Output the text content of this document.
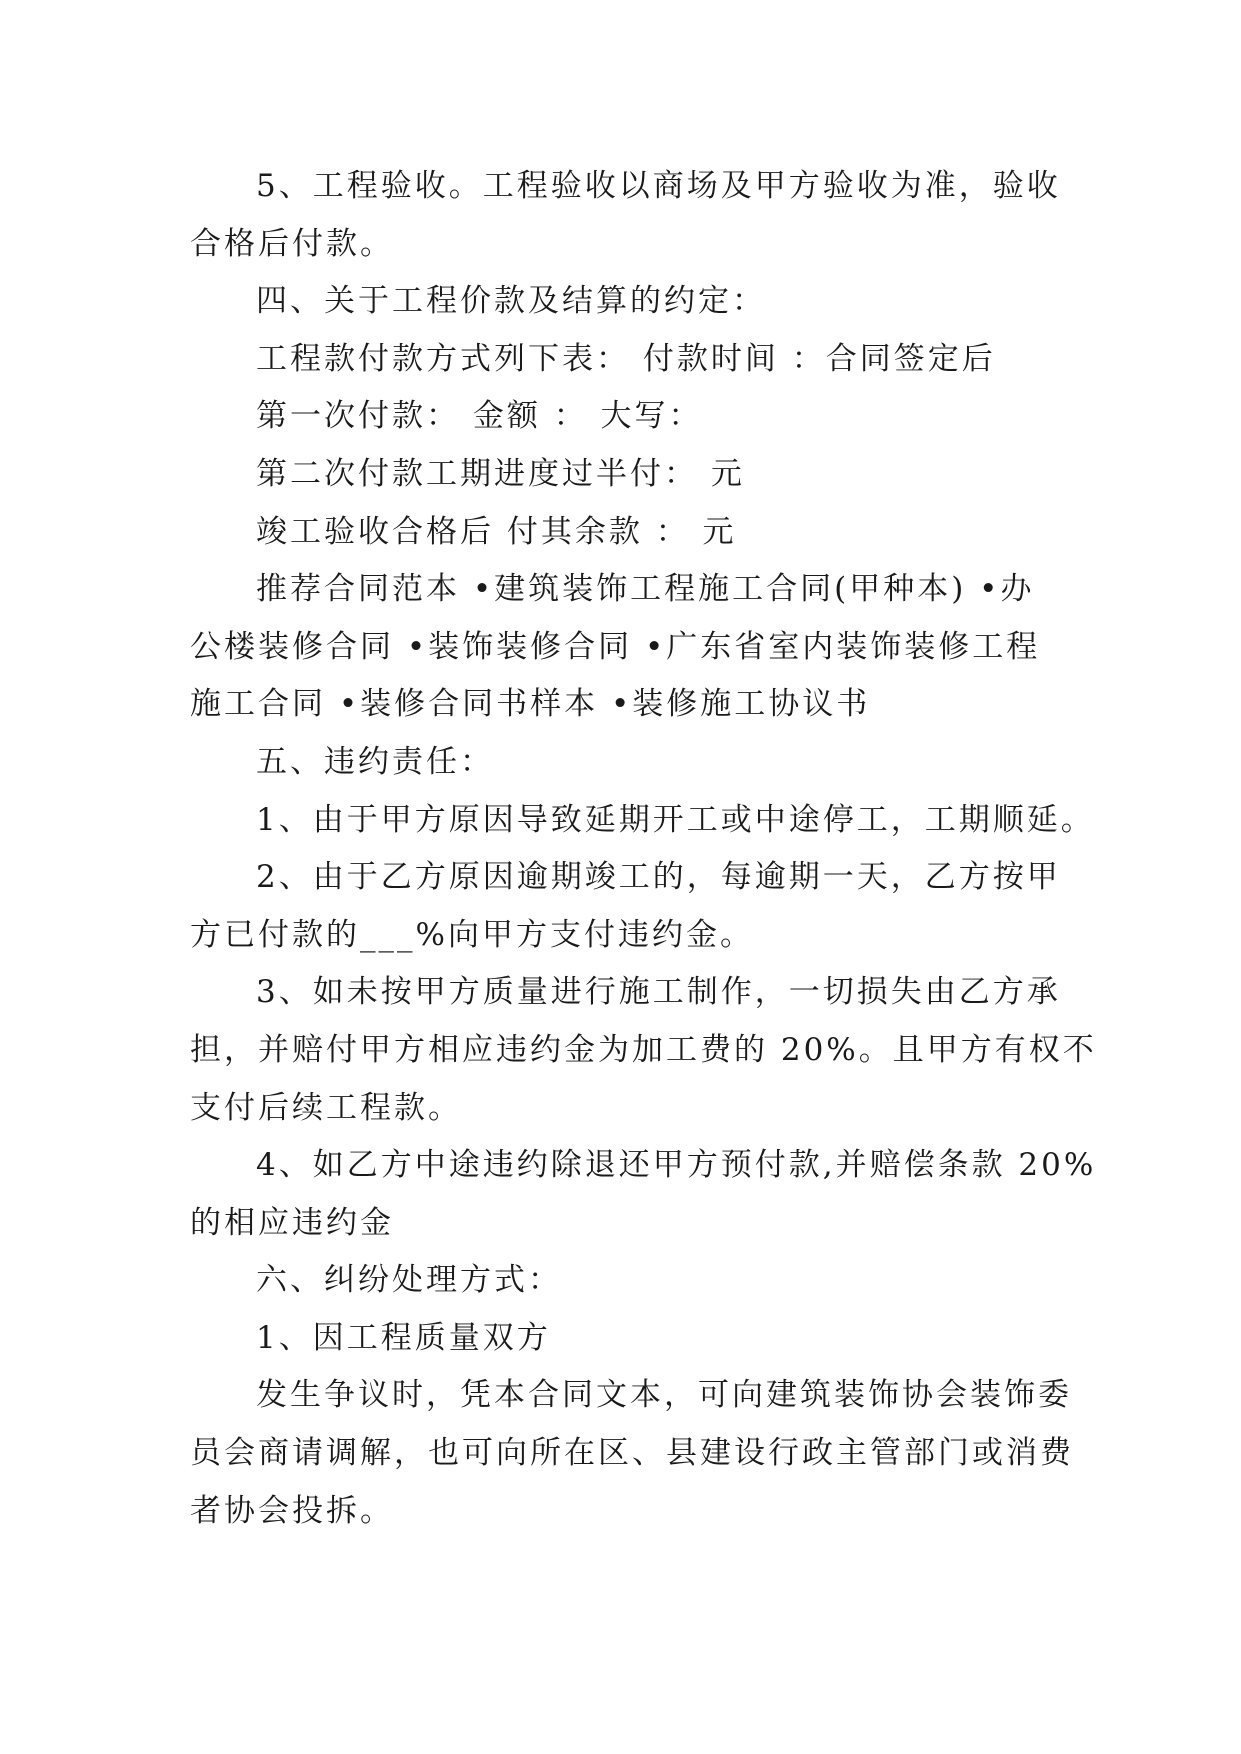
5、工程验收。工程验收以商场及甲方验收为准，验收
合格后付款。
四、关于工程价款及结算的约定：
工程款付款方式列下表： 付款时间 ：合同签定后
第一次付款： 金额 ： 大写：
第二次付款工期进度过半付： 元
竣工验收合格后 付其余款 ： 元
推荐合同范本 •建筑装饰工程施工合同(甲种本) •办
公楼装修合同 •装饰装修合同 •广东省室内装饰装修工程
施工合同 •装修合同书样本 •装修施工协议书
五、违约责任：
1、由于甲方原因导致延期开工或中途停工，工期顺延。
2、由于乙方原因逾期竣工的，每逾期一天，乙方按甲
方已付款的___%向甲方支付违约金。
3、如未按甲方质量进行施工制作，一切损失由乙方承
担，并赔付甲方相应违约金为加工费的 20%。且甲方有权不
支付后续工程款。
4、如乙方中途违约除退还甲方预付款,并赔偿条款 20%
的相应违约金
六、纠纷处理方式：
1、因工程质量双方
发生争议时，凭本合同文本，可向建筑装饰协会装饰委
员会商请调解，也可向所在区、县建设行政主管部门或消费
者协会投拆。
